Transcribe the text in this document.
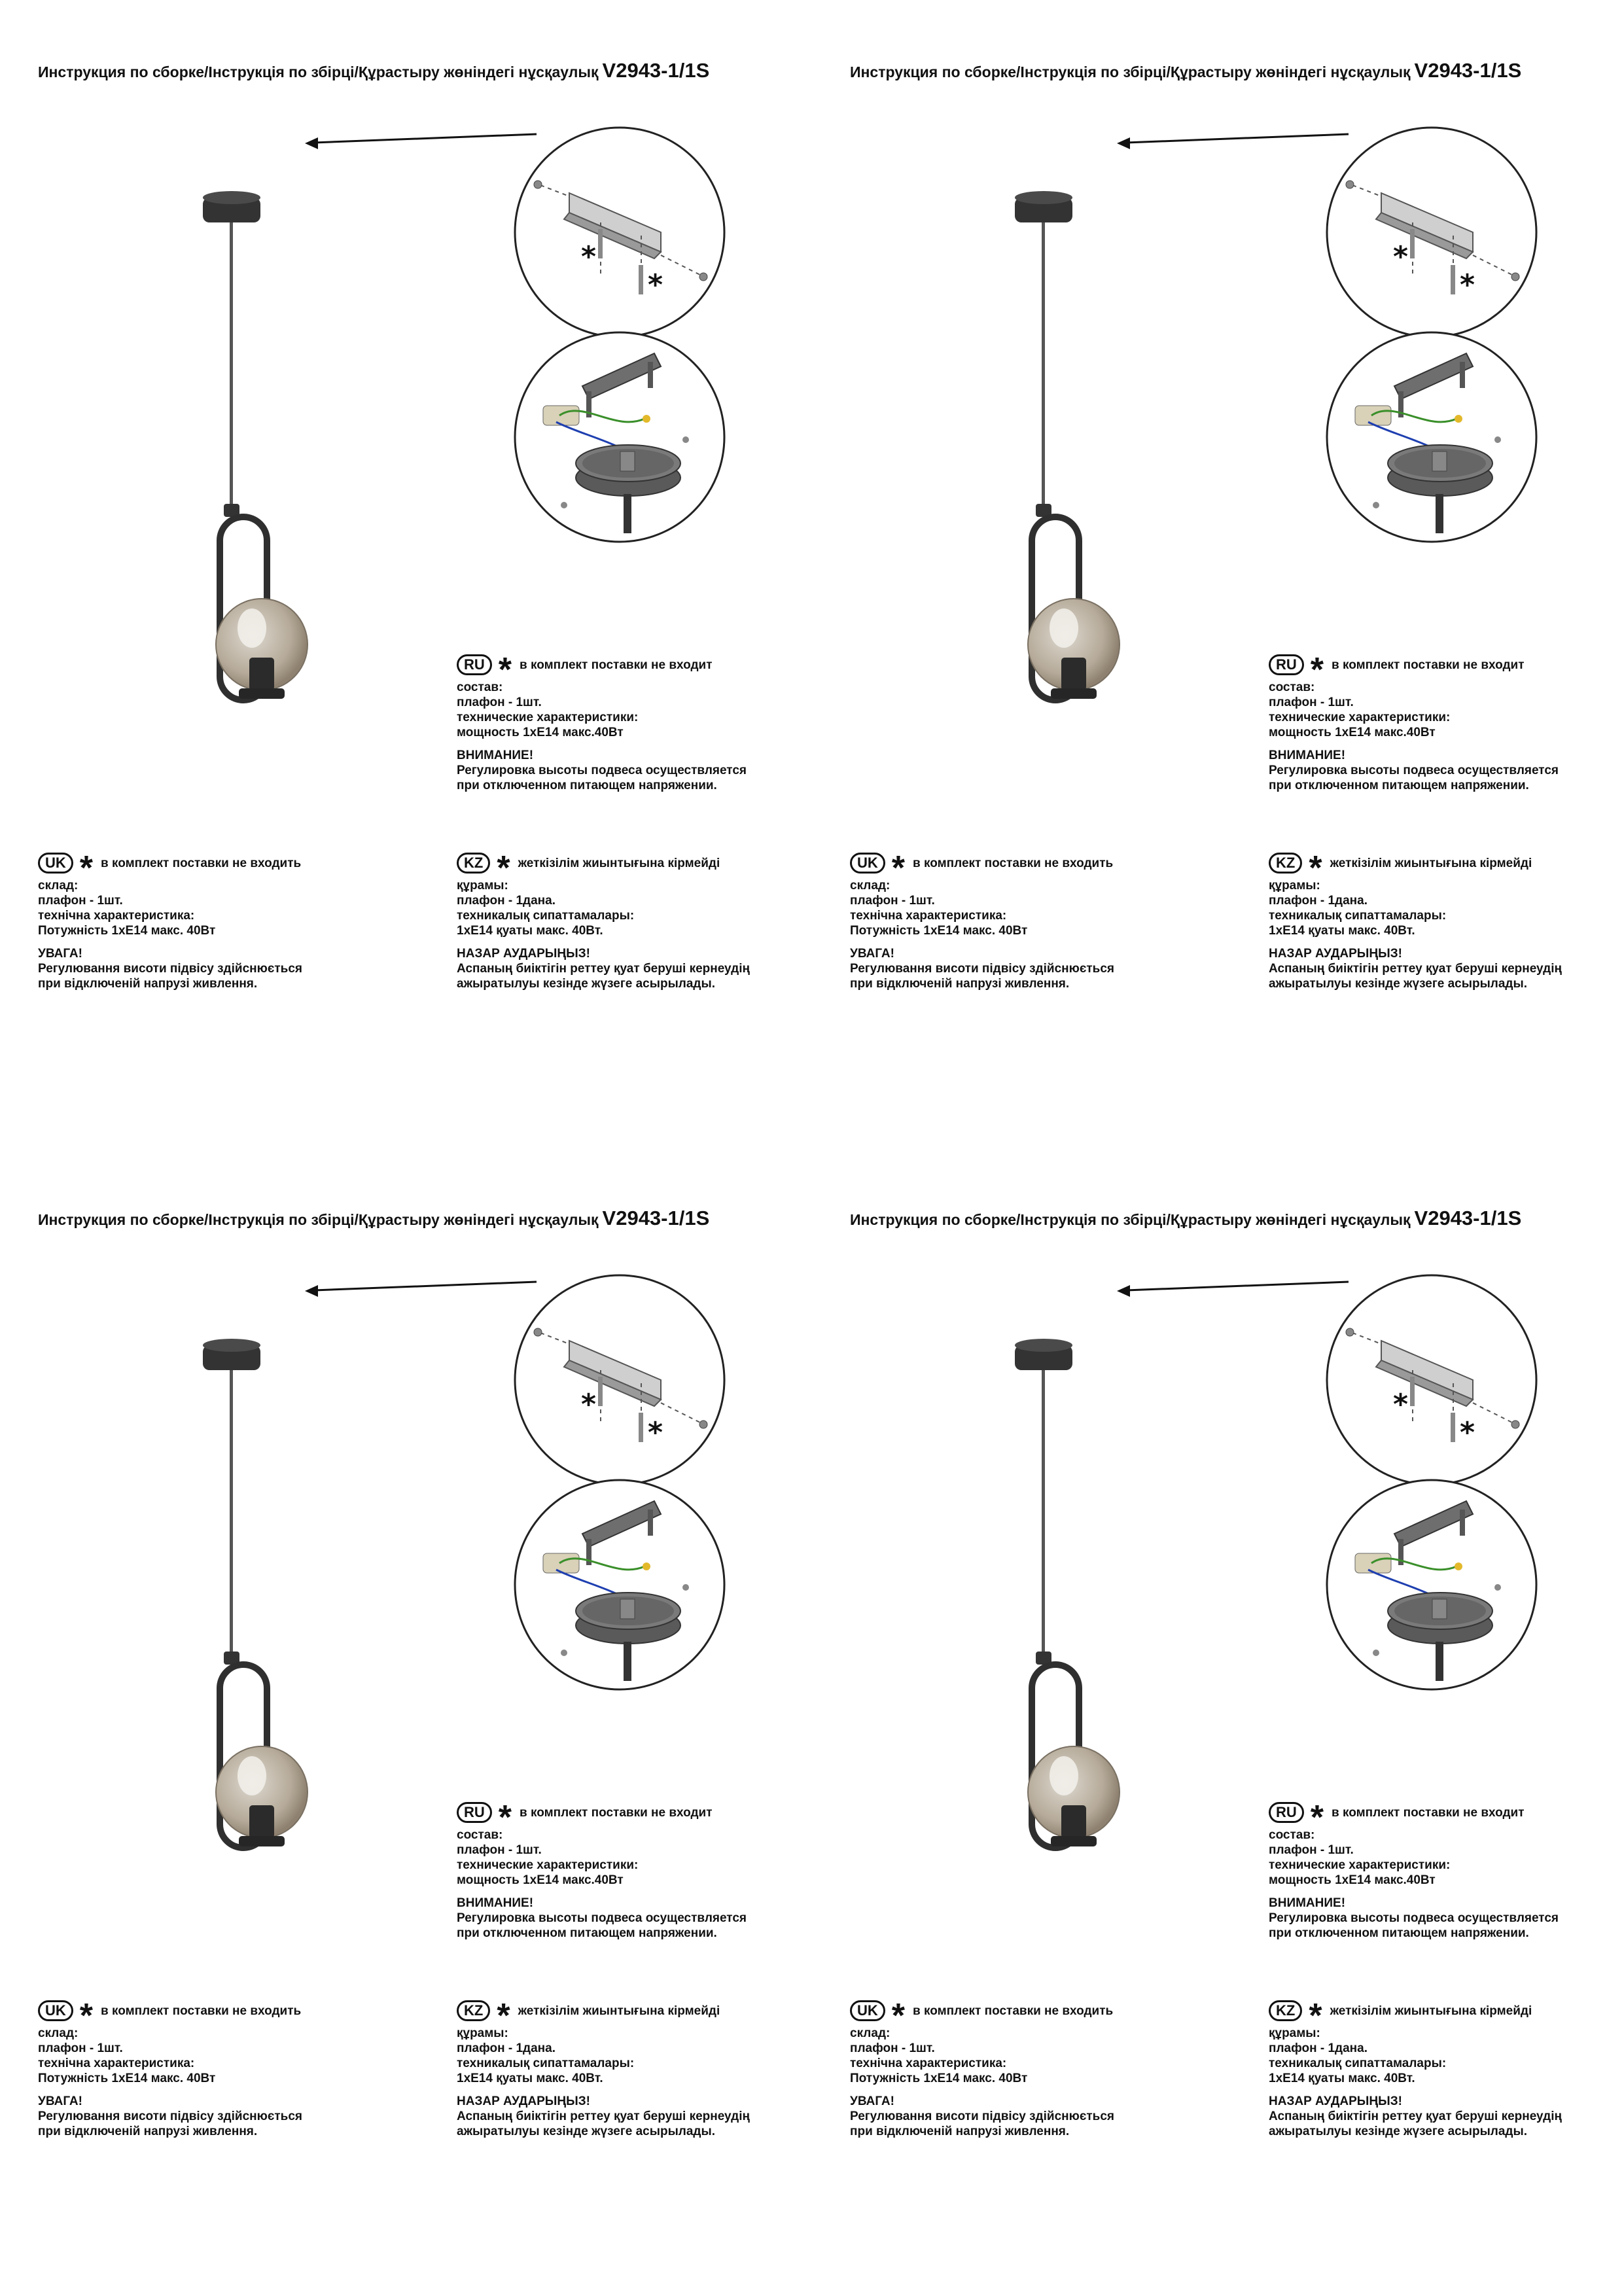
*
*
Инструкция по сборке/Інструкція по збірці/Құрастыру жөніндегі нұсқаулық V2943-1/1S
RU * в комплект поставки не входит
состав:
плафон - 1шт.
технические характеристики:
мощность 1хЕ14 макс.40Вт
ВНИМАНИЕ!
Регулировка высоты подвеса осуществляется
при отключенном питающем напряжении.
UK * в комплект поставки не входить
склад:
плафон - 1шт.
технічна характеристика:
Потужність 1хЕ14 макс. 40Вт
УВАГА!
Регулювання висоти підвісу здійснюється
при відключеній напрузі живлення.
KZ * жеткізілім жиынтығына кірмейді
құрамы:
плафон - 1дана.
техникалық сипаттамалары:
1хЕ14 қуаты макс. 40Вт.
НАЗАР АУДАРЫҢЫЗ!
Аспаның биіктігін реттеу қуат беруші кернеудің
ажыратылуы кезінде жүзеге асырылады.
*
*
Инструкция по сборке/Інструкція по збірці/Құрастыру жөніндегі нұсқаулық V2943-1/1S
RU * в комплект поставки не входит
состав:
плафон - 1шт.
технические характеристики:
мощность 1хЕ14 макс.40Вт
ВНИМАНИЕ!
Регулировка высоты подвеса осуществляется
при отключенном питающем напряжении.
UK * в комплект поставки не входить
склад:
плафон - 1шт.
технічна характеристика:
Потужність 1хЕ14 макс. 40Вт
УВАГА!
Регулювання висоти підвісу здійснюється
при відключеній напрузі живлення.
KZ * жеткізілім жиынтығына кірмейді
құрамы:
плафон - 1дана.
техникалық сипаттамалары:
1хЕ14 қуаты макс. 40Вт.
НАЗАР АУДАРЫҢЫЗ!
Аспаның биіктігін реттеу қуат беруші кернеудің
ажыратылуы кезінде жүзеге асырылады.
*
*
Инструкция по сборке/Інструкція по збірці/Құрастыру жөніндегі нұсқаулық V2943-1/1S
RU * в комплект поставки не входит
состав:
плафон - 1шт.
технические характеристики:
мощность 1хЕ14 макс.40Вт
ВНИМАНИЕ!
Регулировка высоты подвеса осуществляется
при отключенном питающем напряжении.
UK * в комплект поставки не входить
склад:
плафон - 1шт.
технічна характеристика:
Потужність 1хЕ14 макс. 40Вт
УВАГА!
Регулювання висоти підвісу здійснюється
при відключеній напрузі живлення.
KZ * жеткізілім жиынтығына кірмейді
құрамы:
плафон - 1дана.
техникалық сипаттамалары:
1хЕ14 қуаты макс. 40Вт.
НАЗАР АУДАРЫҢЫЗ!
Аспаның биіктігін реттеу қуат беруші кернеудің
ажыратылуы кезінде жүзеге асырылады.
*
*
Инструкция по сборке/Інструкція по збірці/Құрастыру жөніндегі нұсқаулық V2943-1/1S
RU * в комплект поставки не входит
состав:
плафон - 1шт.
технические характеристики:
мощность 1хЕ14 макс.40Вт
ВНИМАНИЕ!
Регулировка высоты подвеса осуществляется
при отключенном питающем напряжении.
UK * в комплект поставки не входить
склад:
плафон - 1шт.
технічна характеристика:
Потужність 1хЕ14 макс. 40Вт
УВАГА!
Регулювання висоти підвісу здійснюється
при відключеній напрузі живлення.
KZ * жеткізілім жиынтығына кірмейді
құрамы:
плафон - 1дана.
техникалық сипаттамалары:
1хЕ14 қуаты макс. 40Вт.
НАЗАР АУДАРЫҢЫЗ!
Аспаның биіктігін реттеу қуат беруші кернеудің
ажыратылуы кезінде жүзеге асырылады.
